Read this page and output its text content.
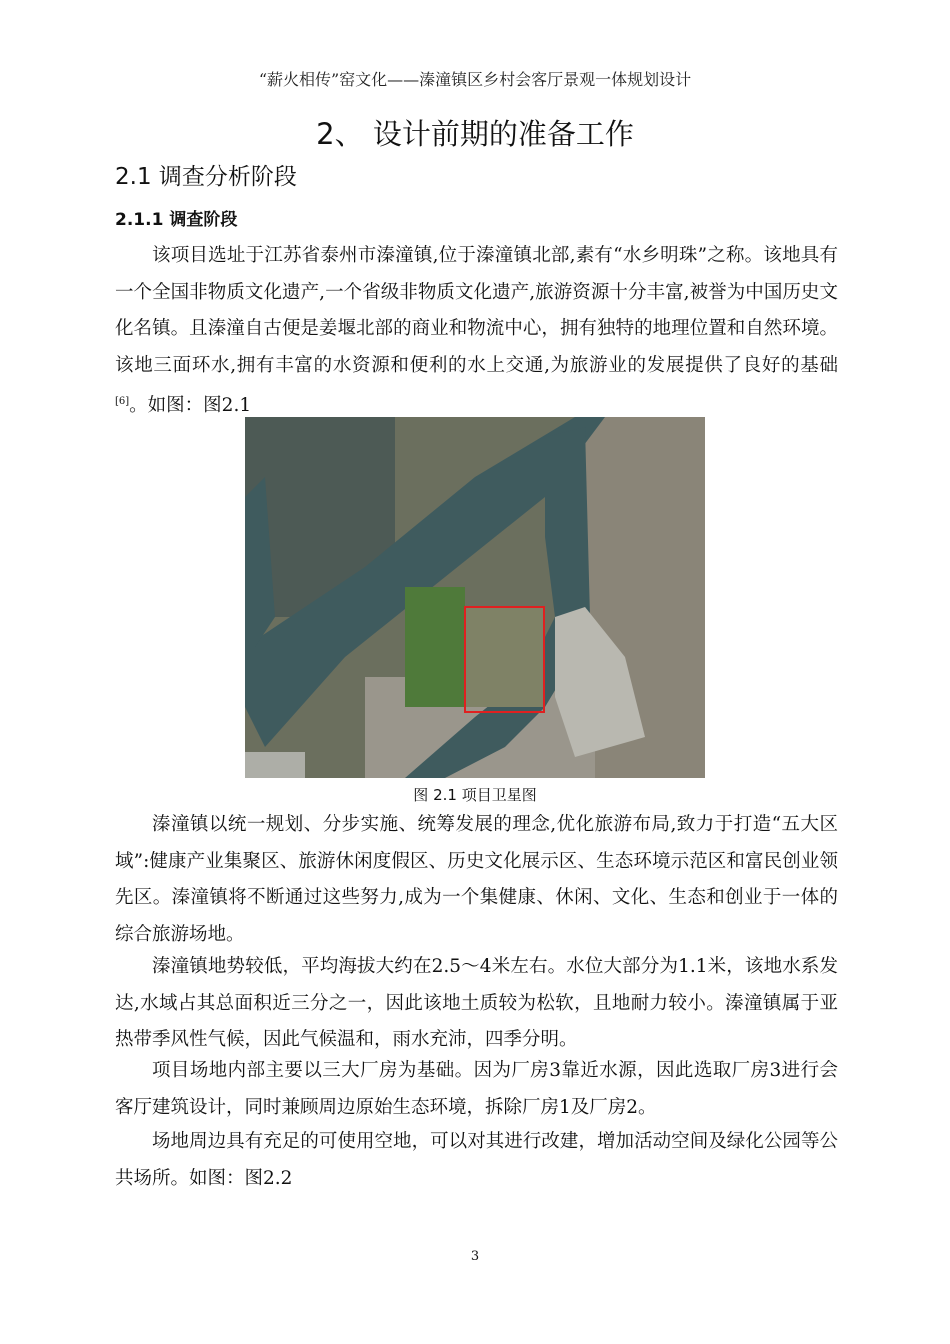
“薪火相传”窑文化——溱潼镇区乡村会客厅景观一体规划设计
2、 设计前期的准备工作
2.1 调查分析阶段
2.1.1 调查阶段

该项目选址于江苏省泰州市溱潼镇,位于溱潼镇北部,素有“水乡明珠”之称。该地具有一个全国非物质文化遗产,一个省级非物质文化遗产,旅游资源十分丰富,被誉为中国历史文化名镇。且溱潼自古便是姜堰北部的商业和物流中心，拥有独特的地理位置和自然环境。该地三面环水,拥有丰富的水资源和便利的水上交通,为旅游业的发展提供了良好的基础[6]。如图：图2.1

图 2.1 项目卫星图

溱潼镇以统一规划、分步实施、统筹发展的理念,优化旅游布局,致力于打造“五大区域”:健康产业集聚区、旅游休闲度假区、历史文化展示区、生态环境示范区和富民创业领先区。溱潼镇将不断通过这些努力,成为一个集健康、休闲、文化、生态和创业于一体的综合旅游场地。

溱潼镇地势较低，平均海拔大约在2.5～4米左右。水位大部分为1.1米，该地水系发达,水域占其总面积近三分之一，因此该地土质较为松软，且地耐力较小。溱潼镇属于亚热带季风性气候，因此气候温和，雨水充沛，四季分明。

项目场地内部主要以三大厂房为基础。因为厂房3靠近水源，因此选取厂房3进行会客厅建筑设计，同时兼顾周边原始生态环境，拆除厂房1及厂房2。

场地周边具有充足的可使用空地，可以对其进行改建，增加活动空间及绿化公园等公共场所。如图：图2.2

3
